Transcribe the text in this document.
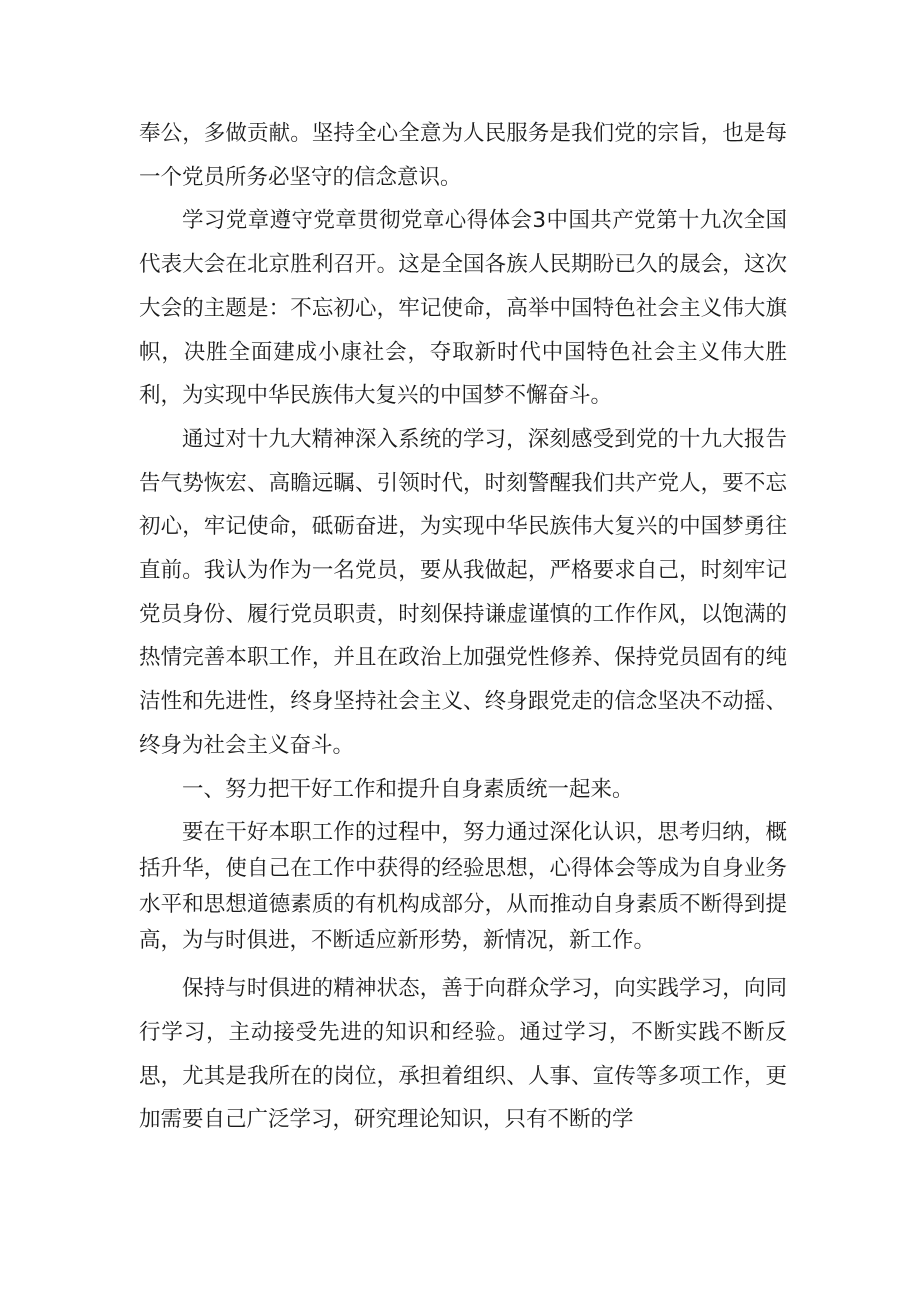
奉公，多做贡献。坚持全心全意为人民服务是我们党的宗旨，也是每一个党员所务必坚守的信念意识。

学习党章遵守党章贯彻党章心得体会3中国共产党第十九次全国代表大会在北京胜利召开。这是全国各族人民期盼已久的晟会，这次大会的主题是：不忘初心，牢记使命，高举中国特色社会主义伟大旗帜，决胜全面建成小康社会，夺取新时代中国特色社会主义伟大胜利，为实现中华民族伟大复兴的中国梦不懈奋斗。

通过对十九大精神深入系统的学习，深刻感受到党的十九大报告告气势恢宏、高瞻远瞩、引领时代，时刻警醒我们共产党人，要不忘初心，牢记使命，砥砺奋进，为实现中华民族伟大复兴的中国梦勇往直前。我认为作为一名党员，要从我做起，严格要求自己，时刻牢记党员身份、履行党员职责，时刻保持谦虚谨慎的工作作风，以饱满的热情完善本职工作，并且在政治上加强党性修养、保持党员固有的纯洁性和先进性，终身坚持社会主义、终身跟党走的信念坚决不动摇、终身为社会主义奋斗。

一、努力把干好工作和提升自身素质统一起来。

要在干好本职工作的过程中，努力通过深化认识，思考归纳，概括升华，使自己在工作中获得的经验思想，心得体会等成为自身业务水平和思想道德素质的有机构成部分，从而推动自身素质不断得到提高，为与时俱进，不断适应新形势，新情况，新工作。

保持与时俱进的精神状态，善于向群众学习，向实践学习，向同行学习，主动接受先进的知识和经验。通过学习，不断实践不断反思，尤其是我所在的岗位，承担着组织、人事、宣传等多项工作，更加需要自己广泛学习，研究理论知识，只有不断的学
